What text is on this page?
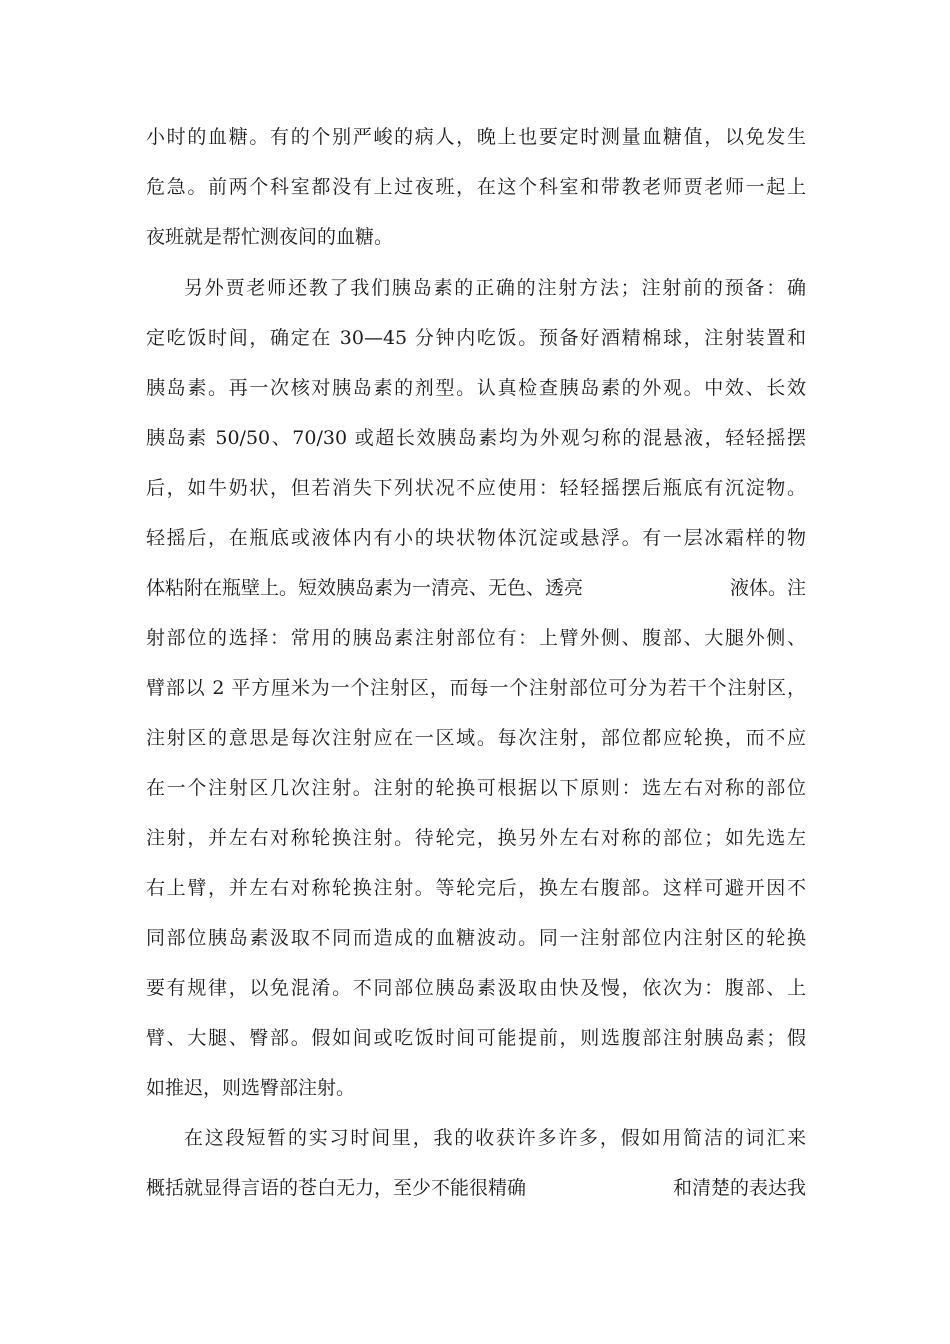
小时的血糖。有的个别严峻的病人，晚上也要定时测量血糖值，以免发生
危急。前两个科室都没有上过夜班，在这个科室和带教老师贾老师一起上
夜班就是帮忙测夜间的血糖。
另外贾老师还教了我们胰岛素的正确的注射方法；注射前的预备：确
定吃饭时间，确定在 30—45 分钟内吃饭。预备好酒精棉球，注射装置和
胰岛素。再一次核对胰岛素的剂型。认真检查胰岛素的外观。中效、长效
胰岛素 50/50、70/30 或超长效胰岛素均为外观匀称的混悬液，轻轻摇摆
后，如牛奶状，但若消失下列状况不应使用：轻轻摇摆后瓶底有沉淀物。
轻摇后，在瓶底或液体内有小的块状物体沉淀或悬浮。有一层冰霜样的物
体粘附在瓶壁上。短效胰岛素为一清亮、无色、透亮	液体。注
射部位的选择：常用的胰岛素注射部位有：上臂外侧、腹部、大腿外侧、
臂部以 2 平方厘米为一个注射区，而每一个注射部位可分为若干个注射区，
注射区的意思是每次注射应在一区域。每次注射，部位都应轮换，而不应
在一个注射区几次注射。注射的轮换可根据以下原则：选左右对称的部位
注射，并左右对称轮换注射。待轮完，换另外左右对称的部位；如先选左
右上臂，并左右对称轮换注射。等轮完后，换左右腹部。这样可避开因不
同部位胰岛素汲取不同而造成的血糖波动。同一注射部位内注射区的轮换
要有规律，以免混淆。不同部位胰岛素汲取由快及慢，依次为：腹部、上
臂、大腿、臀部。假如间或吃饭时间可能提前，则选腹部注射胰岛素；假
如推迟，则选臀部注射。
在这段短暂的实习时间里，我的收获许多许多，假如用简洁的词汇来
概括就显得言语的苍白无力，至少不能很精确	和清楚的表达我
